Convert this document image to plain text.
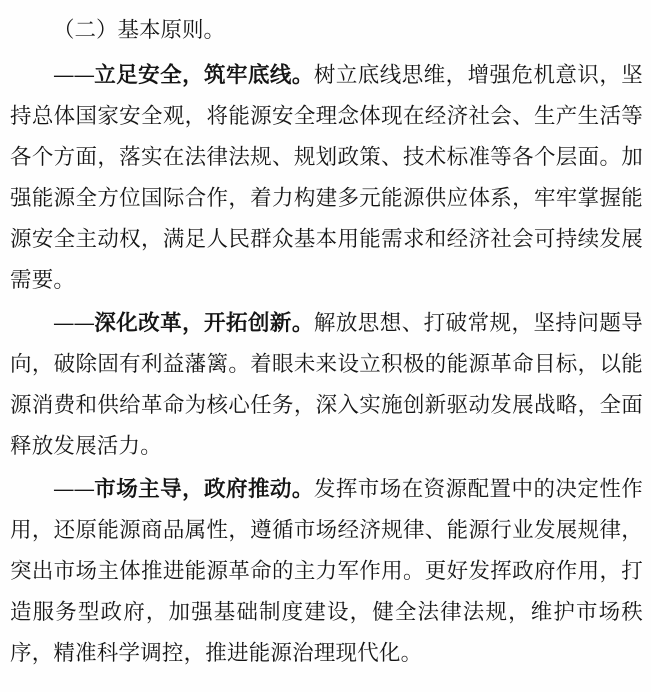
（二）基本原则。

——立足安全，筑牢底线。树立底线思维，增强危机意识，坚持总体国家安全观，将能源安全理念体现在经济社会、生产生活等各个方面，落实在法律法规、规划政策、技术标准等各个层面。加强能源全方位国际合作，着力构建多元能源供应体系，牢牢掌握能源安全主动权，满足人民群众基本用能需求和经济社会可持续发展需要。

——深化改革，开拓创新。解放思想、打破常规，坚持问题导向，破除固有利益藩篱。着眼未来设立积极的能源革命目标，以能源消费和供给革命为核心任务，深入实施创新驱动发展战略，全面释放发展活力。

——市场主导，政府推动。发挥市场在资源配置中的决定性作用，还原能源商品属性，遵循市场经济规律、能源行业发展规律，突出市场主体推进能源革命的主力军作用。更好发挥政府作用，打造服务型政府，加强基础制度建设，健全法律法规，维护市场秩序，精准科学调控，推进能源治理现代化。
